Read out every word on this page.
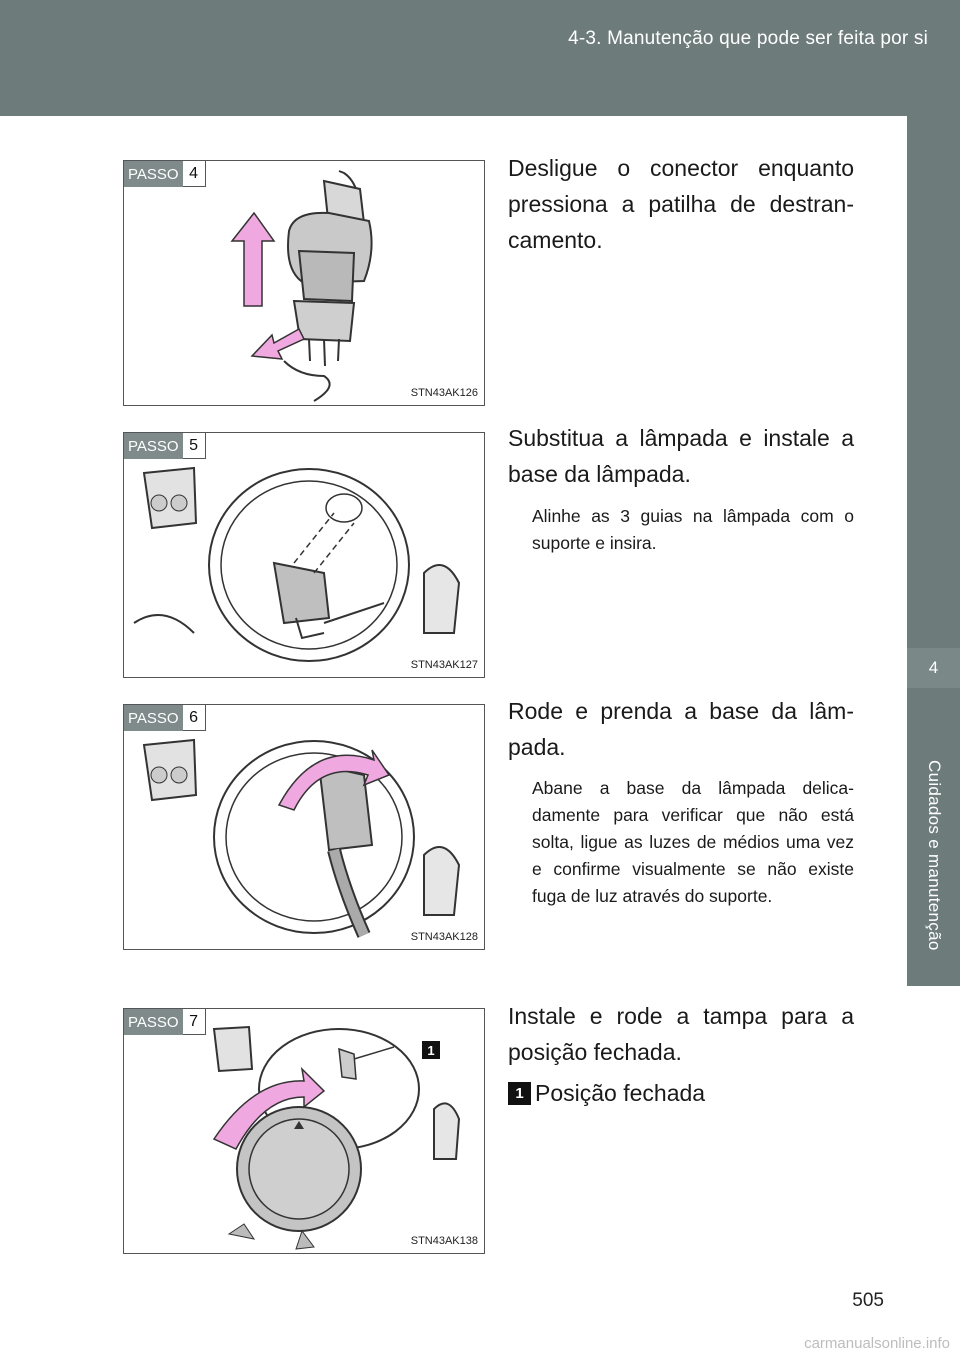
4-3. Manutenção que pode ser feita por si
4
Cuidados e manutenção
PASSO 4
STN43AK126
Desligue o conector enquanto pressiona a patilha de destran-camento.
PASSO 5
STN43AK127
Substitua a lâmpada e instale a base da lâmpada.
Alinhe as 3 guias na lâmpada com o suporte e insira.
PASSO 6
STN43AK128
Rode e prenda a base da lâm-pada.
Abane a base da lâmpada delica-damente para verificar que não está solta, ligue as luzes de médios uma vez e confirme visualmente se não existe fuga de luz através do suporte.
1
PASSO 7
STN43AK138
Instale e rode a tampa para a posição fechada.
1 Posição fechada
505
carmanualsonline.info
